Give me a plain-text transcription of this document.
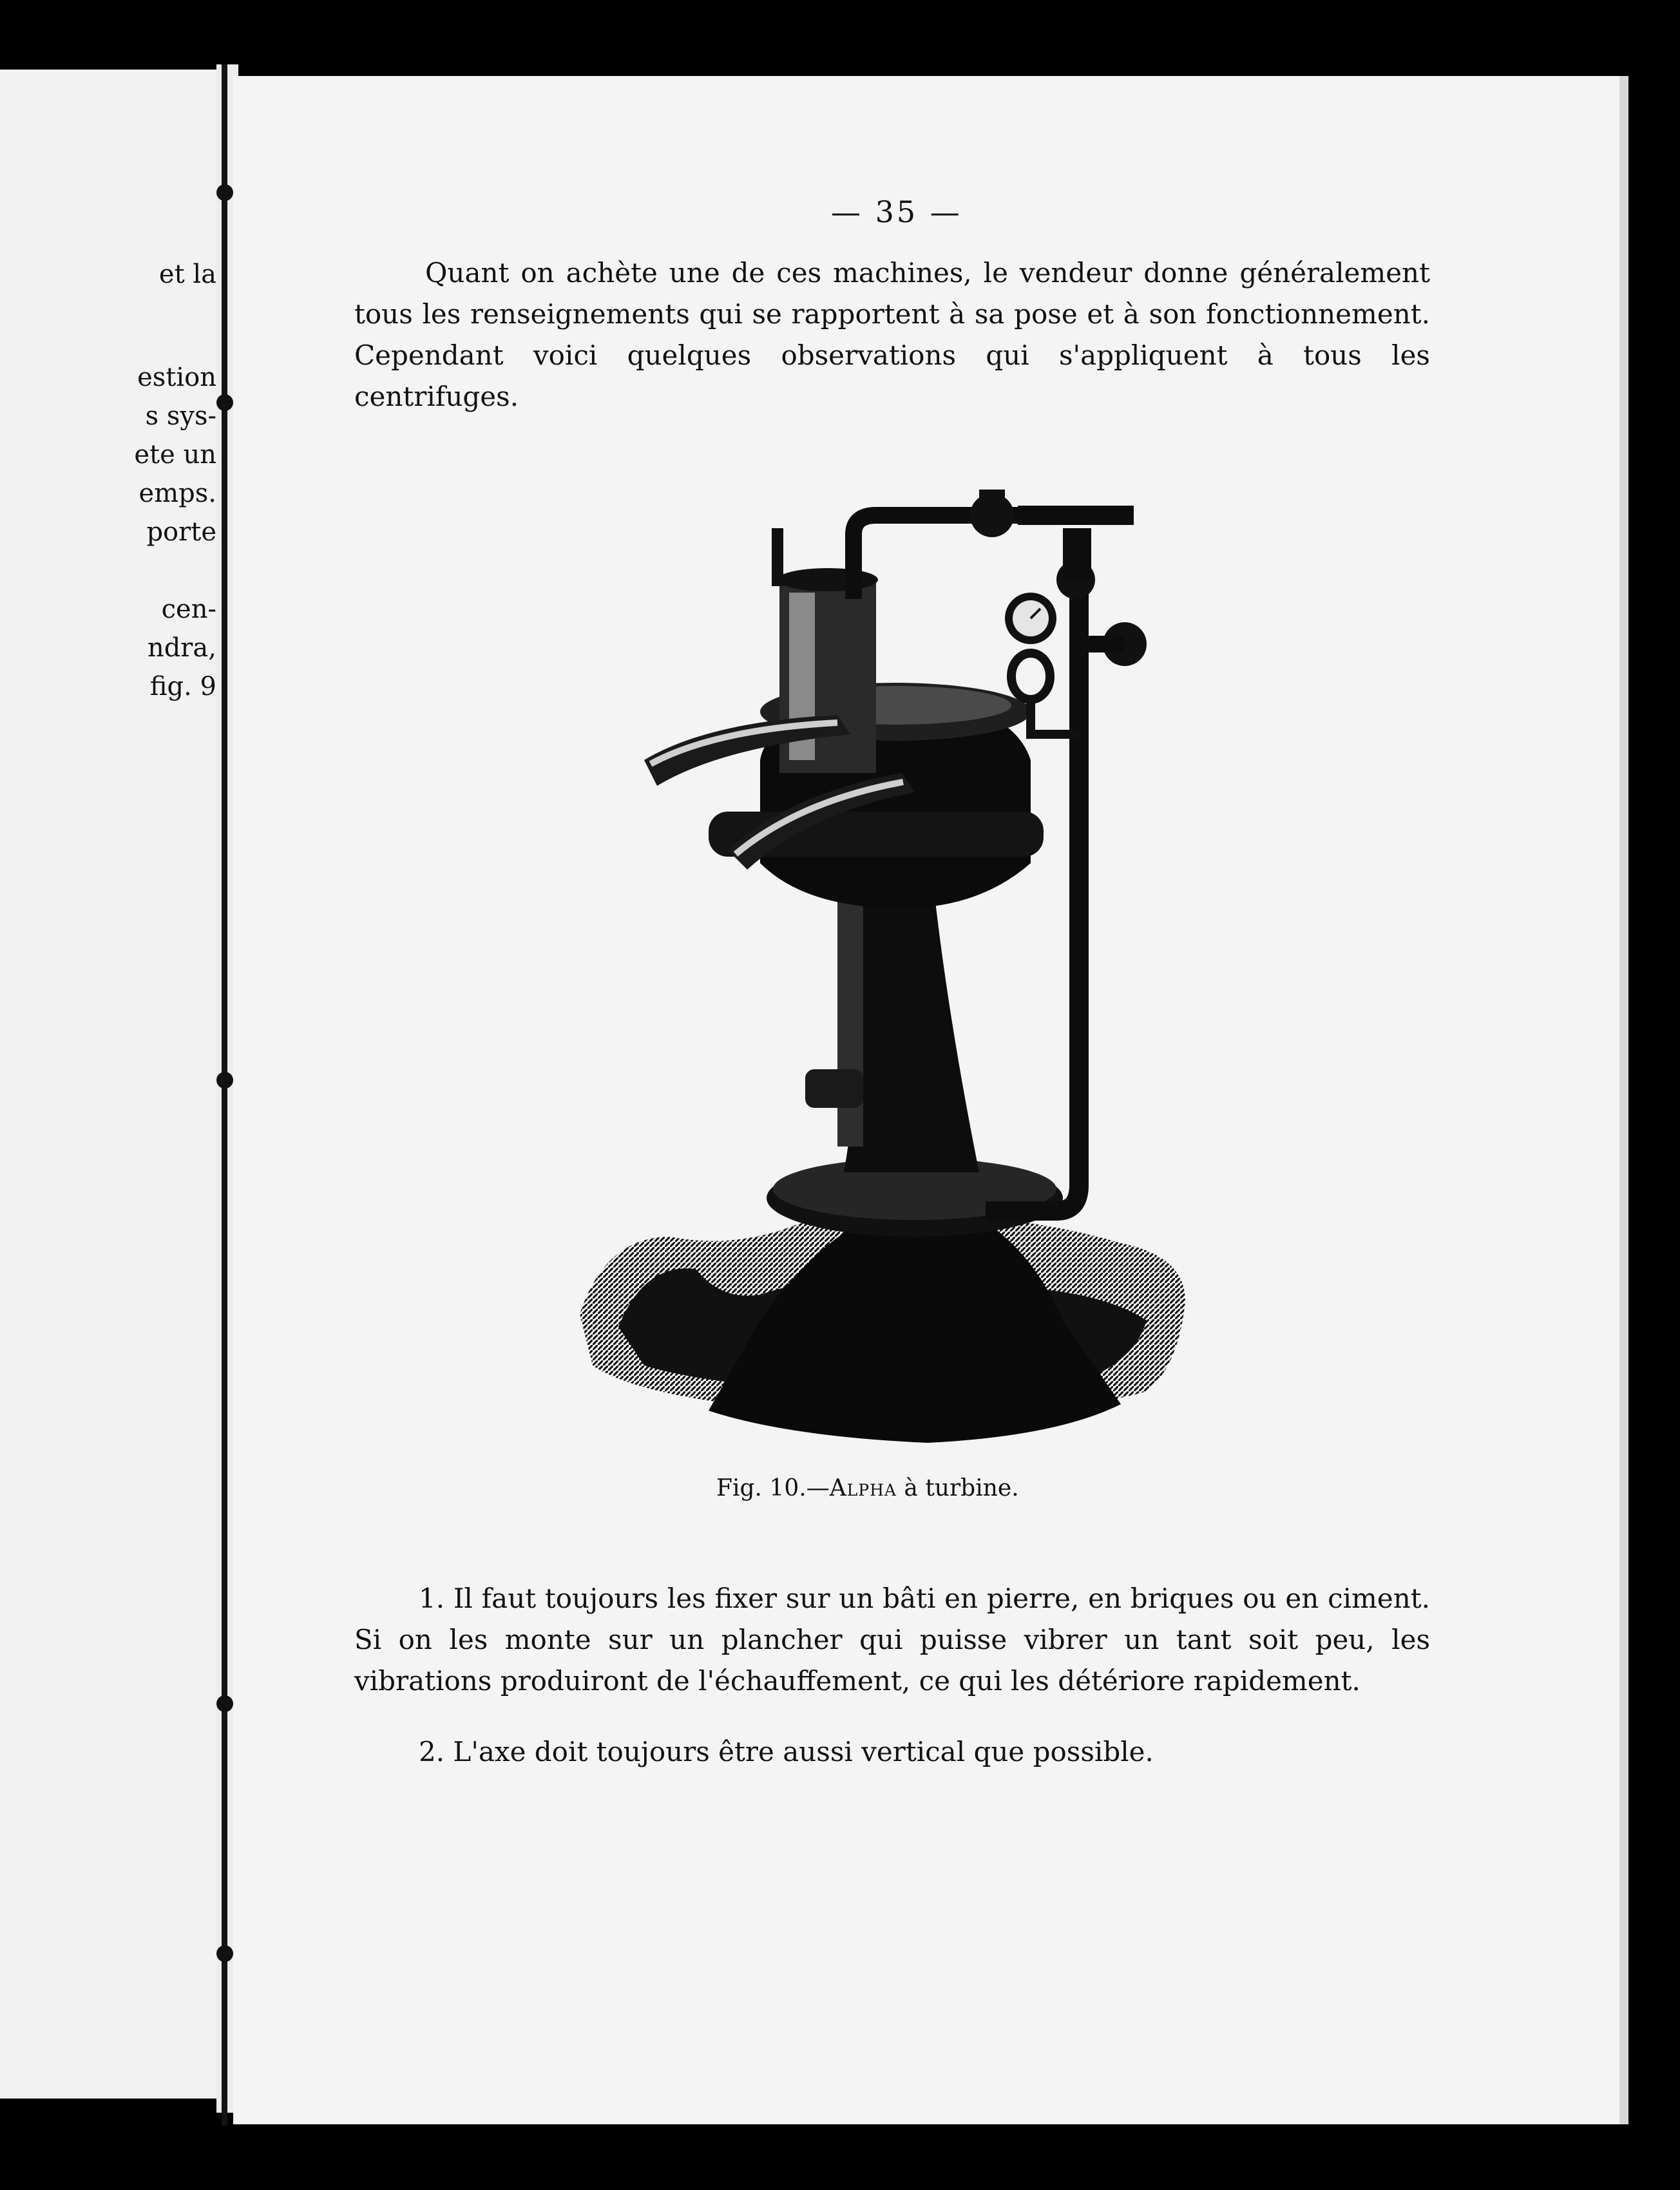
et la
estion
s sys-
ete un
emps.
porte
cen-
ndra,
fig. 9
— 35 —
Quant on achète une de ces machines, le vendeur donne généralement tous les renseignements qui se rapportent à sa pose et à son fonctionnement. Cependant voici quelques observations qui s'appliquent à tous les centrifuges.
Fig. 10.—Alpha à turbine.
1. Il faut toujours les fixer sur un bâti en pierre, en briques ou en ciment. Si on les monte sur un plancher qui puisse vibrer un tant soit peu, les vibrations produiront de l'échauffement, ce qui les détériore rapidement.
2. L'axe doit toujours être aussi vertical que possible.
